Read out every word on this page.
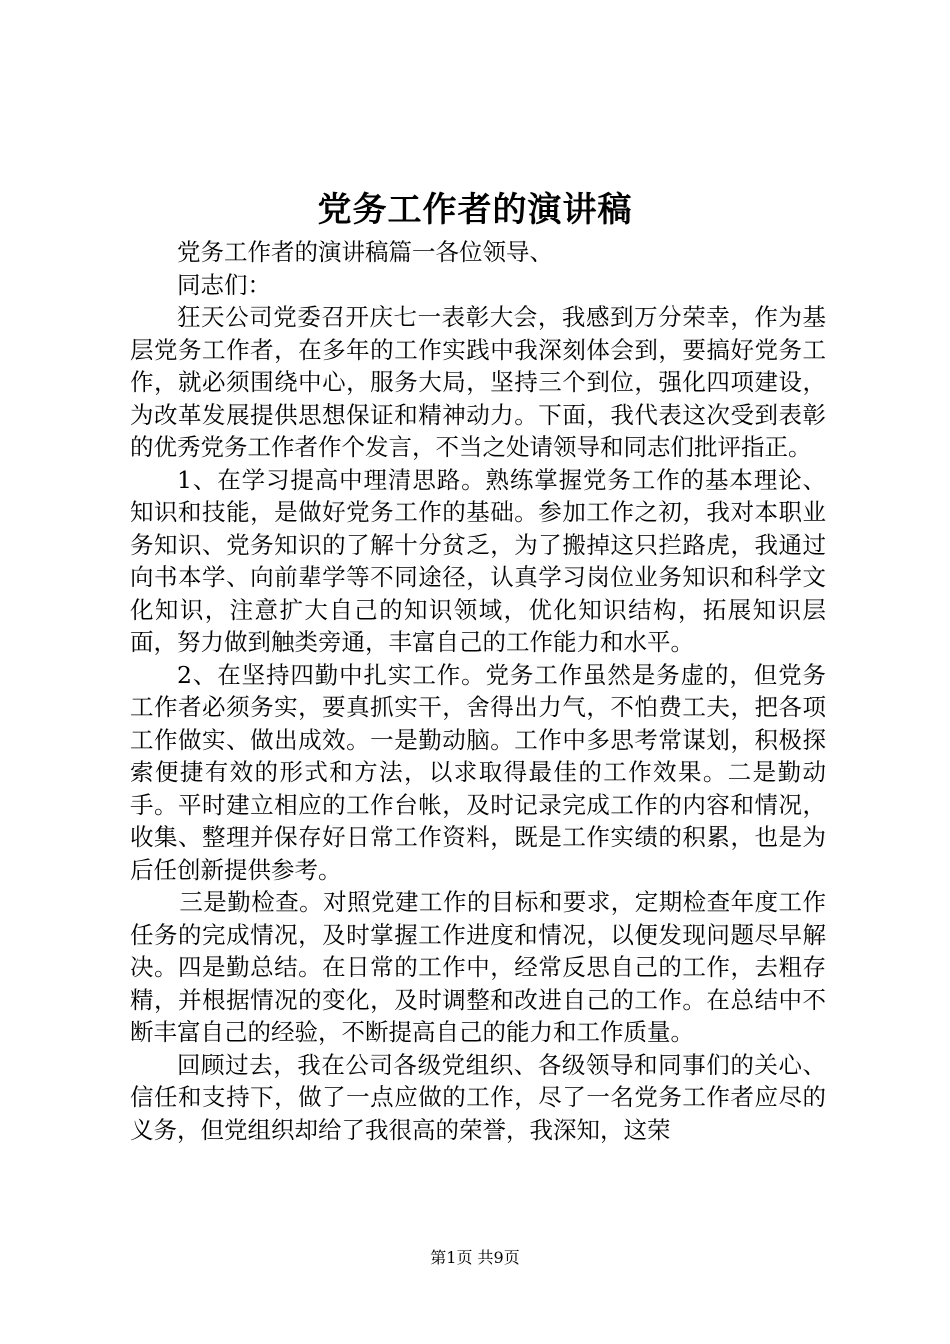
党务工作者的演讲稿

党务工作者的演讲稿篇一各位领导、

同志们：

狂天公司党委召开庆七一表彰大会，我感到万分荣幸，作为基层党务工作者，在多年的工作实践中我深刻体会到，要搞好党务工作，就必须围绕中心，服务大局，坚持三个到位，强化四项建设，为改革发展提供思想保证和精神动力。下面，我代表这次受到表彰的优秀党务工作者作个发言，不当之处请领导和同志们批评指正。

1、在学习提高中理清思路。熟练掌握党务工作的基本理论、知识和技能，是做好党务工作的基础。参加工作之初，我对本职业务知识、党务知识的了解十分贫乏，为了搬掉这只拦路虎，我通过向书本学、向前辈学等不同途径，认真学习岗位业务知识和科学文化知识，注意扩大自己的知识领域，优化知识结构，拓展知识层面，努力做到触类旁通，丰富自己的工作能力和水平。

2、在坚持四勤中扎实工作。党务工作虽然是务虚的，但党务工作者必须务实，要真抓实干，舍得出力气，不怕费工夫，把各项工作做实、做出成效。一是勤动脑。工作中多思考常谋划，积极探索便捷有效的形式和方法，以求取得最佳的工作效果。二是勤动手。平时建立相应的工作台帐，及时记录完成工作的内容和情况，收集、整理并保存好日常工作资料，既是工作实绩的积累，也是为后任创新提供参考。

三是勤检查。对照党建工作的目标和要求，定期检查年度工作任务的完成情况，及时掌握工作进度和情况，以便发现问题尽早解决。四是勤总结。在日常的工作中，经常反思自己的工作，去粗存精，并根据情况的变化，及时调整和改进自己的工作。在总结中不断丰富自己的经验，不断提高自己的能力和工作质量。

回顾过去，我在公司各级党组织、各级领导和同事们的关心、信任和支持下，做了一点应做的工作，尽了一名党务工作者应尽的义务，但党组织却给了我很高的荣誉，我深知，这荣

第1页 共9页
